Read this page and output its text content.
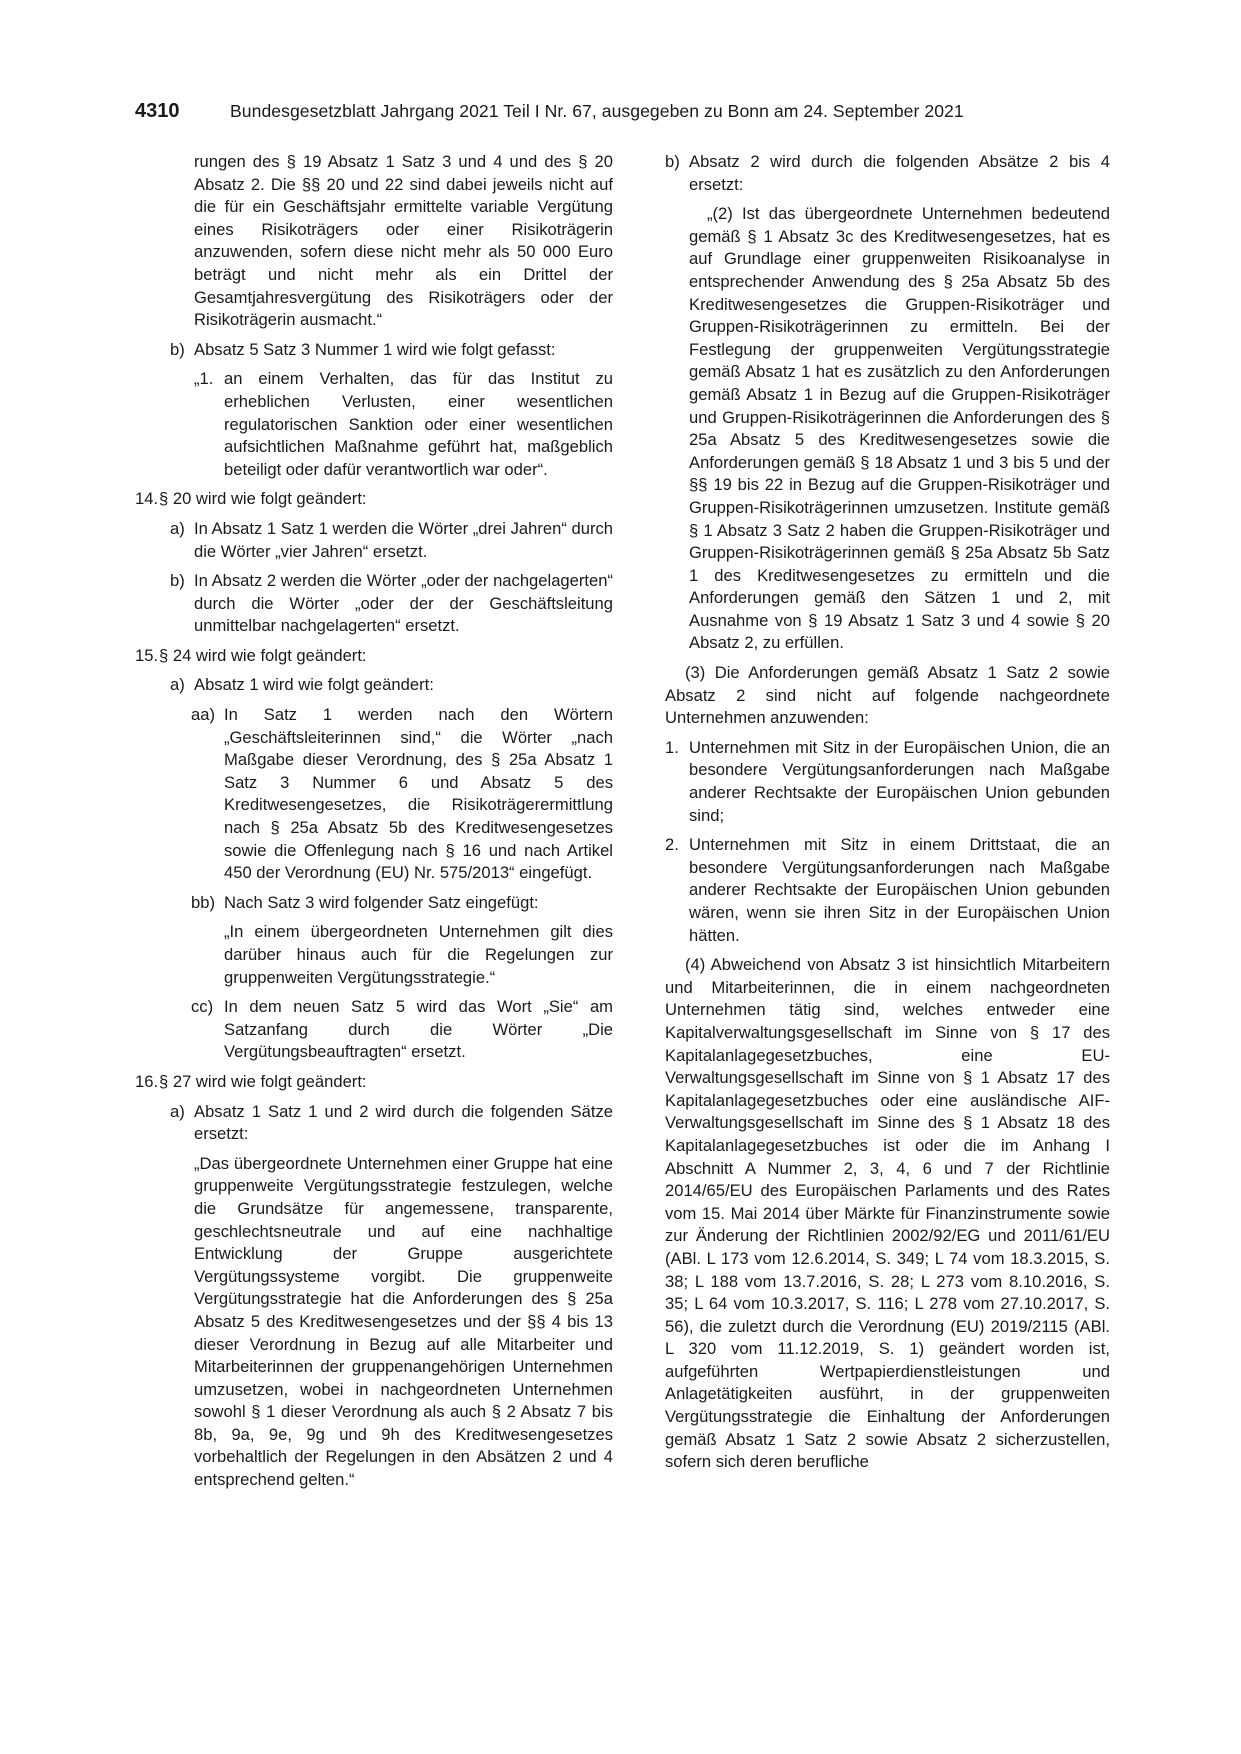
4310	Bundesgesetzblatt Jahrgang 2021 Teil I Nr. 67, ausgegeben zu Bonn am 24. September 2021

rungen des § 19 Absatz 1 Satz 3 und 4 und des § 20 Absatz 2. Die §§ 20 und 22 sind dabei jeweils nicht auf die für ein Geschäftsjahr ermittelte variable Vergütung eines Risikoträgers oder einer Risikoträgerin anzuwenden, sofern diese nicht mehr als 50 000 Euro beträgt und nicht mehr als ein Drittel der Gesamtjahresvergütung des Risikoträgers oder der Risikoträgerin ausmacht.“

b) Absatz 5 Satz 3 Nummer 1 wird wie folgt gefasst:
„1. an einem Verhalten, das für das Institut zu erheblichen Verlusten, einer wesentlichen regulatorischen Sanktion oder einer wesentlichen aufsichtlichen Maßnahme geführt hat, maßgeblich beteiligt oder dafür verantwortlich war oder“.
14. § 20 wird wie folgt geändert:
a) In Absatz 1 Satz 1 werden die Wörter „drei Jahren“ durch die Wörter „vier Jahren“ ersetzt.
b) In Absatz 2 werden die Wörter „oder der nachgelagerten“ durch die Wörter „oder der der Geschäftsleitung unmittelbar nachgelagerten“ ersetzt.
15. § 24 wird wie folgt geändert:
a) Absatz 1 wird wie folgt geändert:
aa) In Satz 1 werden nach den Wörtern „Geschäftsleiterinnen sind,“ die Wörter „nach Maßgabe dieser Verordnung, des § 25a Absatz 1 Satz 3 Nummer 6 und Absatz 5 des Kreditwesengesetzes, die Risikoträgerermittlung nach § 25a Absatz 5b des Kreditwesengesetzes sowie die Offenlegung nach § 16 und nach Artikel 450 der Verordnung (EU) Nr. 575/2013“ eingefügt.
bb) Nach Satz 3 wird folgender Satz eingefügt:

„In einem übergeordneten Unternehmen gilt dies darüber hinaus auch für die Regelungen zur gruppenweiten Vergütungsstrategie.“

cc) In dem neuen Satz 5 wird das Wort „Sie“ am Satzanfang durch die Wörter „Die Vergütungsbeauftragten“ ersetzt.
16. § 27 wird wie folgt geändert:
a) Absatz 1 Satz 1 und 2 wird durch die folgenden Sätze ersetzt:

„Das übergeordnete Unternehmen einer Gruppe hat eine gruppenweite Vergütungsstrategie festzulegen, welche die Grundsätze für angemessene, transparente, geschlechtsneutrale und auf eine nachhaltige Entwicklung der Gruppe ausgerichtete Vergütungssysteme vorgibt. Die gruppenweite Vergütungsstrategie hat die Anforderungen des § 25a Absatz 5 des Kreditwesengesetzes und der §§ 4 bis 13 dieser Verordnung in Bezug auf alle Mitarbeiter und Mitarbeiterinnen der gruppenangehörigen Unternehmen umzusetzen, wobei in nachgeordneten Unternehmen sowohl § 1 dieser Verordnung als auch § 2 Absatz 7 bis 8b, 9a, 9e, 9g und 9h des Kreditwesengesetzes vorbehaltlich der Regelungen in den Absätzen 2 und 4 entsprechend gelten.“

b) Absatz 2 wird durch die folgenden Absätze 2 bis 4 ersetzt:

„(2) Ist das übergeordnete Unternehmen bedeutend gemäß § 1 Absatz 3c des Kreditwesengesetzes, hat es auf Grundlage einer gruppenweiten Risikoanalyse in entsprechender Anwendung des § 25a Absatz 5b des Kreditwesengesetzes die Gruppen-Risikoträger und Gruppen-Risikoträgerinnen zu ermitteln. Bei der Festlegung der gruppenweiten Vergütungsstrategie gemäß Absatz 1 hat es zusätzlich zu den Anforderungen gemäß Absatz 1 in Bezug auf die Gruppen-Risikoträger und Gruppen-Risikoträgerinnen die Anforderungen des § 25a Absatz 5 des Kreditwesengesetzes sowie die Anforderungen gemäß § 18 Absatz 1 und 3 bis 5 und der §§ 19 bis 22 in Bezug auf die Gruppen-Risikoträger und Gruppen-Risikoträgerinnen umzusetzen. Institute gemäß § 1 Absatz 3 Satz 2 haben die Gruppen-Risikoträger und Gruppen-Risikoträgerinnen gemäß § 25a Absatz 5b Satz 1 des Kreditwesengesetzes zu ermitteln und die Anforderungen gemäß den Sätzen 1 und 2, mit Ausnahme von § 19 Absatz 1 Satz 3 und 4 sowie § 20 Absatz 2, zu erfüllen.

(3) Die Anforderungen gemäß Absatz 1 Satz 2 sowie Absatz 2 sind nicht auf folgende nachgeordnete Unternehmen anzuwenden:

1. Unternehmen mit Sitz in der Europäischen Union, die an besondere Vergütungsanforderungen nach Maßgabe anderer Rechtsakte der Europäischen Union gebunden sind;
2. Unternehmen mit Sitz in einem Drittstaat, die an besondere Vergütungsanforderungen nach Maßgabe anderer Rechtsakte der Europäischen Union gebunden wären, wenn sie ihren Sitz in der Europäischen Union hätten.

(4) Abweichend von Absatz 3 ist hinsichtlich Mitarbeitern und Mitarbeiterinnen, die in einem nachgeordneten Unternehmen tätig sind, welches entweder eine Kapitalverwaltungsgesellschaft im Sinne von § 17 des Kapitalanlagegesetzbuches, eine EU-Verwaltungsgesellschaft im Sinne von § 1 Absatz 17 des Kapitalanlagegesetzbuches oder eine ausländische AIF-Verwaltungsgesellschaft im Sinne des § 1 Absatz 18 des Kapitalanlagegesetzbuches ist oder die im Anhang I Abschnitt A Nummer 2, 3, 4, 6 und 7 der Richtlinie 2014/65/EU des Europäischen Parlaments und des Rates vom 15. Mai 2014 über Märkte für Finanzinstrumente sowie zur Änderung der Richtlinien 2002/92/EG und 2011/61/EU (ABl. L 173 vom 12.6.2014, S. 349; L 74 vom 18.3.2015, S. 38; L 188 vom 13.7.2016, S. 28; L 273 vom 8.10.2016, S. 35; L 64 vom 10.3.2017, S. 116; L 278 vom 27.10.2017, S. 56), die zuletzt durch die Verordnung (EU) 2019/2115 (ABl. L 320 vom 11.12.2019, S. 1) geändert worden ist, aufgeführten Wertpapierdienstleistungen und Anlagetätigkeiten ausführt, in der gruppenweiten Vergütungsstrategie die Einhaltung der Anforderungen gemäß Absatz 1 Satz 2 sowie Absatz 2 sicherzustellen, sofern sich deren berufliche
